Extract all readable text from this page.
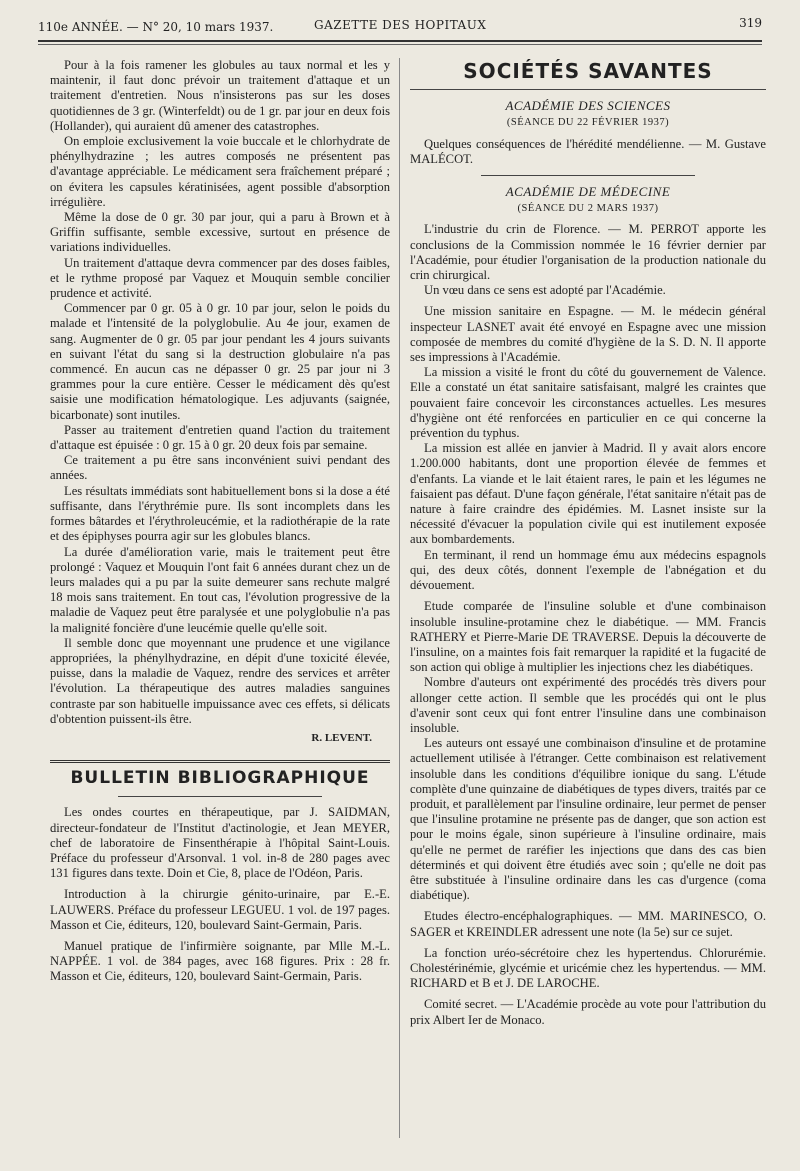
110e ANNÉE. — N° 20, 10 mars 1937.	GAZETTE DES HOPITAUX	319

Pour à la fois ramener les globules au taux normal et les y maintenir, il faut donc prévoir un traitement d'attaque et un traitement d'entretien. Nous n'insisterons pas sur les doses quotidiennes de 3 gr. (Winterfeldt) ou de 1 gr. par jour en deux fois (Hollander), qui auraient dû amener des catastrophes.

On emploie exclusivement la voie buccale et le chlorhydrate de phénylhydrazine ; les autres composés ne présentent pas d'avantage appréciable. Le médicament sera fraîchement préparé ; on évitera les capsules kératinisées, agent possible d'absorption irrégulière.

Même la dose de 0 gr. 30 par jour, qui a paru à Brown et à Griffin suffisante, semble excessive, surtout en présence de variations individuelles.

Un traitement d'attaque devra commencer par des doses faibles, et le rythme proposé par Vaquez et Mouquin semble concilier prudence et activité.

Commencer par 0 gr. 05 à 0 gr. 10 par jour, selon le poids du malade et l'intensité de la polyglobulie. Au 4e jour, examen de sang. Augmenter de 0 gr. 05 par jour pendant les 4 jours suivants en suivant l'état du sang si la destruction globulaire n'a pas commencé. En aucun cas ne dépasser 0 gr. 25 par jour ni 3 grammes pour la cure entière. Cesser le médicament dès qu'est saisie une modification hématologique. Les adjuvants (saignée, bicarbonate) sont inutiles.

Passer au traitement d'entretien quand l'action du traitement d'attaque est épuisée : 0 gr. 15 à 0 gr. 20 deux fois par semaine.

Ce traitement a pu être sans inconvénient suivi pendant des années.

Les résultats immédiats sont habituellement bons si la dose a été suffisante, dans l'érythrémie pure. Ils sont incomplets dans les formes bâtardes et l'érythroleucémie, et la radiothérapie de la rate et des épiphyses pourra agir sur les globules blancs.

La durée d'amélioration varie, mais le traitement peut être prolongé : Vaquez et Mouquin l'ont fait 6 années durant chez un de leurs malades qui a pu par la suite demeurer sans rechute malgré 18 mois sans traitement. En tout cas, l'évolution progressive de la maladie de Vaquez peut être paralysée et une polyglobulie n'a pas la malignité foncière d'une leucémie quelle qu'elle soit.

Il semble donc que moyennant une prudence et une vigilance appropriées, la phénylhydrazine, en dépit d'une toxicité élevée, puisse, dans la maladie de Vaquez, rendre des services et arrêter l'évolution. La thérapeutique des autres maladies sanguines contraste par son habituelle impuissance avec ces effets, si délicats d'obtention puissent-ils être.

R. LEVENT.
BULLETIN BIBLIOGRAPHIQUE

Les ondes courtes en thérapeutique, par J. SAIDMAN, directeur-fondateur de l'Institut d'actinologie, et Jean MEYER, chef de laboratoire de Finsenthérapie à l'hôpital Saint-Louis. Préface du professeur d'Arsonval. 1 vol. in-8 de 280 pages avec 131 figures dans texte. Doin et Cie, 8, place de l'Odéon, Paris.

Introduction à la chirurgie génito-urinaire, par E.-E. LAUWERS. Préface du professeur LEGUEU. 1 vol. de 197 pages. Masson et Cie, éditeurs, 120, boulevard Saint-Germain, Paris.

Manuel pratique de l'infirmière soignante, par Mlle M.-L. NAPPÉE. 1 vol. de 384 pages, avec 168 figures. Prix : 28 fr. Masson et Cie, éditeurs, 120, boulevard Saint-Germain, Paris.

SOCIÉTÉS SAVANTES
ACADÉMIE DES SCIENCES
(SÉANCE DU 22 FÉVRIER 1937)

Quelques conséquences de l'hérédité mendélienne. — M. Gustave MALÉCOT.

ACADÉMIE DE MÉDECINE
(SÉANCE DU 2 MARS 1937)

L'industrie du crin de Florence. — M. PERROT apporte les conclusions de la Commission nommée le 16 février dernier par l'Académie, pour étudier l'organisation de la production nationale du crin chirurgical.

Un vœu dans ce sens est adopté par l'Académie.

Une mission sanitaire en Espagne. — M. le médecin général inspecteur LASNET avait été envoyé en Espagne avec une mission composée de membres du comité d'hygiène de la S. D. N. Il apporte ses impressions à l'Académie.

La mission a visité le front du côté du gouvernement de Valence. Elle a constaté un état sanitaire satisfaisant, malgré les craintes que pouvaient faire concevoir les circonstances actuelles. Les mesures d'hygiène ont été renforcées en particulier en ce qui concerne la prévention du typhus.

La mission est allée en janvier à Madrid. Il y avait alors encore 1.200.000 habitants, dont une proportion élevée de femmes et d'enfants. La viande et le lait étaient rares, le pain et les légumes ne faisaient pas défaut. D'une façon générale, l'état sanitaire n'était pas de nature à faire craindre des épidémies. M. Lasnet insiste sur la nécessité d'évacuer la population civile qui est inutilement exposée aux bombardements.

En terminant, il rend un hommage ému aux médecins espagnols qui, des deux côtés, donnent l'exemple de l'abnégation et du dévouement.

Etude comparée de l'insuline soluble et d'une combinaison insoluble insuline-protamine chez le diabétique. — MM. Francis RATHERY et Pierre-Marie DE TRAVERSE. Depuis la découverte de l'insuline, on a maintes fois fait remarquer la rapidité et la fugacité de son action qui oblige à multiplier les injections chez les diabétiques.

Nombre d'auteurs ont expérimenté des procédés très divers pour allonger cette action. Il semble que les procédés qui ont le plus d'avenir sont ceux qui font entrer l'insuline dans une combinaison insoluble.

Les auteurs ont essayé une combinaison d'insuline et de protamine actuellement utilisée à l'étranger. Cette combinaison est relativement insoluble dans les conditions d'équilibre ionique du sang. L'étude complète d'une quinzaine de diabétiques de types divers, traités par ce produit, et parallèlement par l'insuline ordinaire, leur permet de penser que l'insuline protamine ne présente pas de danger, que son action est pour le moins égale, sinon supérieure à l'insuline ordinaire, mais qu'elle ne permet de raréfier les injections que dans des cas bien déterminés et qui doivent être étudiés avec soin ; qu'elle ne doit pas être substituée à l'insuline ordinaire dans les cas d'urgence (coma diabétique).

Etudes électro-encéphalographiques. — MM. MARINESCO, O. SAGER et KREINDLER adressent une note (la 5e) sur ce sujet.

La fonction uréo-sécrétoire chez les hypertendus. Chlorurémie. Cholestérinémie, glycémie et uricémie chez les hypertendus. — MM. RICHARD et B et J. DE LAROCHE.

Comité secret. — L'Académie procède au vote pour l'attribution du prix Albert Ier de Monaco.
